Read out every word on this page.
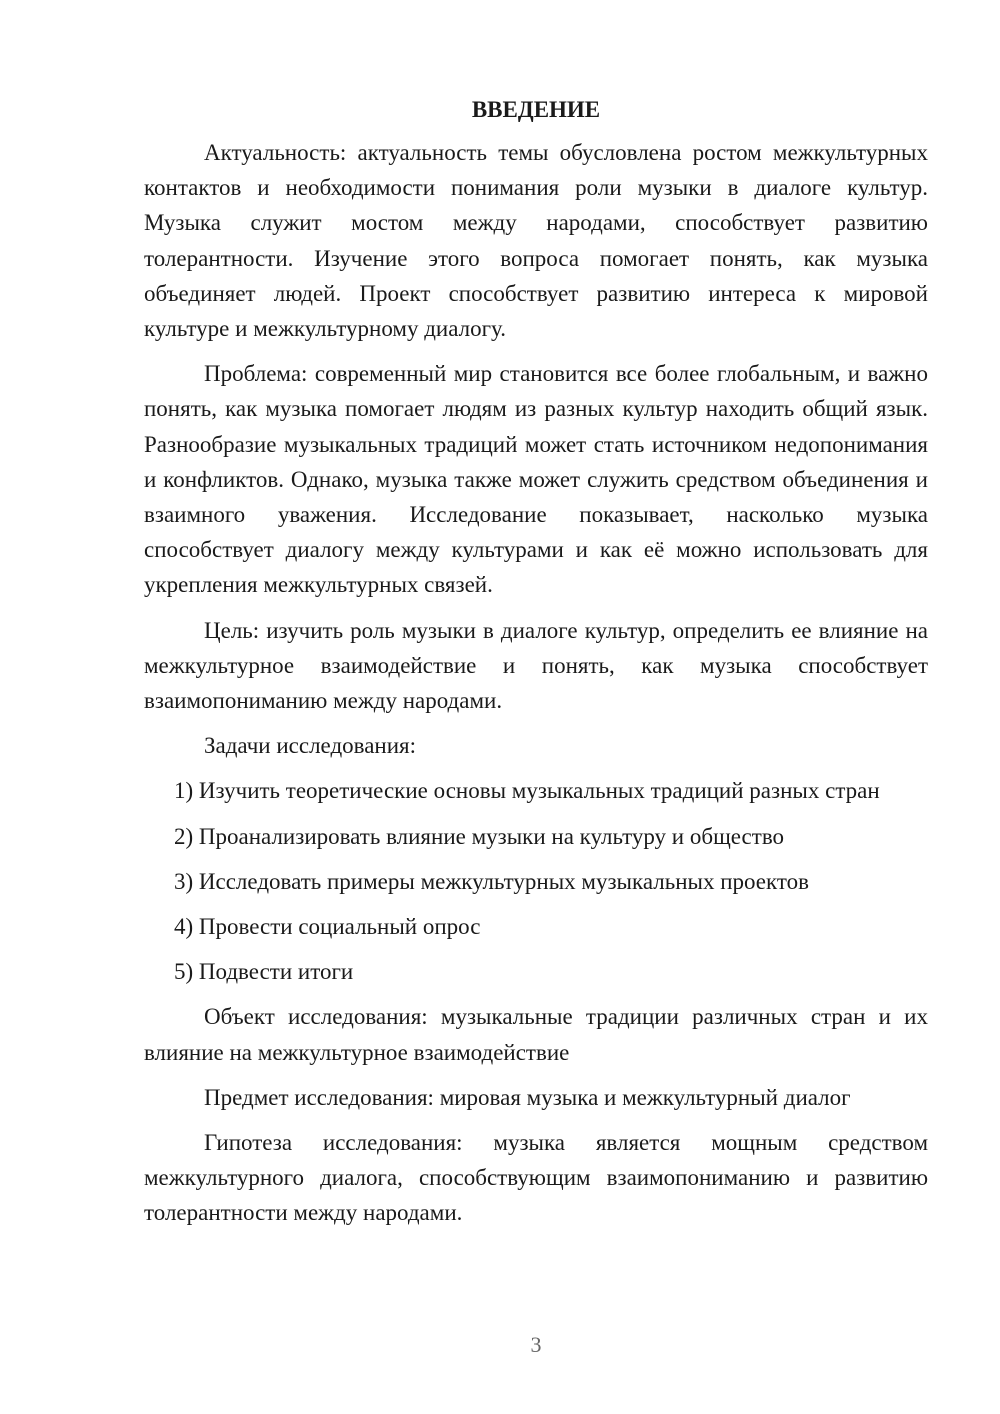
ВВЕДЕНИЕ

Актуальность: актуальность темы обусловлена ростом межкультурных контактов и необходимости понимания роли музыки в диалоге культур. Музыка служит мостом между народами, способствует развитию толерантности. Изучение этого вопроса помогает понять, как музыка объединяет людей. Проект способствует развитию интереса к мировой культуре и межкультурному диалогу.

Проблема: современный мир становится все более глобальным, и важно понять, как музыка помогает людям из разных культур находить общий язык. Разнообразие музыкальных традиций может стать источником недопонимания и конфликтов. Однако, музыка также может служить средством объединения и взаимного уважения. Исследование показывает, насколько музыка способствует диалогу между культурами и как её можно использовать для укрепления межкультурных связей.

Цель: изучить роль музыки в диалоге культур, определить ее влияние на межкультурное взаимодействие и понять, как музыка способствует взаимопониманию между народами.

Задачи исследования:

1) Изучить теоретические основы музыкальных традиций разных стран

2) Проанализировать влияние музыки на культуру и общество

3) Исследовать примеры межкультурных музыкальных проектов

4) Провести социальный опрос

5) Подвести итоги

Объект исследования: музыкальные традиции различных стран и их влияние на межкультурное взаимодействие

Предмет исследования: мировая музыка и межкультурный диалог

Гипотеза исследования: музыка является мощным средством межкультурного диалога, способствующим взаимопониманию и развитию толерантности между народами.

3
